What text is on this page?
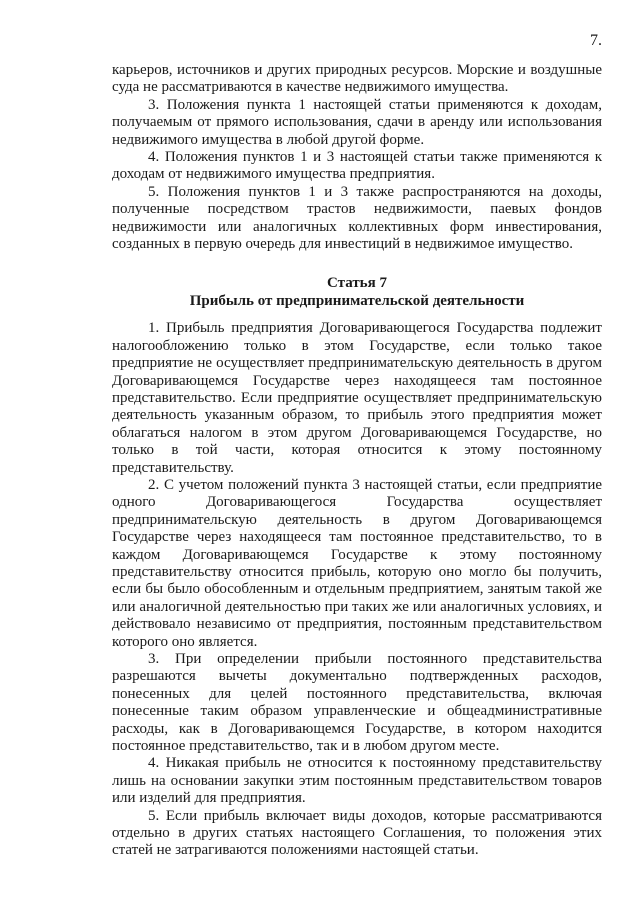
7.

карьеров, источников и других природных ресурсов. Морские и воздушные суда не рассматриваются в качестве недвижимого имущества.

3. Положения пункта 1 настоящей статьи применяются к доходам, получаемым от прямого использования, сдачи в аренду или использования недвижимого имущества в любой другой форме.

4. Положения пунктов 1 и 3 настоящей статьи также применяются к доходам от недвижимого имущества предприятия.

5. Положения пунктов 1 и 3 также распространяются на доходы, полученные посредством трастов недвижимости, паевых фондов недвижимости или аналогичных коллективных форм инвестирования, созданных в первую очередь для инвестиций в недвижимое имущество.

Статья 7
Прибыль от предпринимательской деятельности

1. Прибыль предприятия Договаривающегося Государства подлежит налогообложению только в этом Государстве, если только такое предприятие не осуществляет предпринимательскую деятельность в другом Договаривающемся Государстве через находящееся там постоянное представительство. Если предприятие осуществляет предпринимательскую деятельность указанным образом, то прибыль этого предприятия может облагаться налогом в этом другом Договаривающемся Государстве, но только в той части, которая относится к этому постоянному представительству.

2. С учетом положений пункта 3 настоящей статьи, если предприятие одного Договаривающегося Государства осуществляет предпринимательскую деятельность в другом Договаривающемся Государстве через находящееся там постоянное представительство, то в каждом Договаривающемся Государстве к этому постоянному представительству относится прибыль, которую оно могло бы получить, если бы было обособленным и отдельным предприятием, занятым такой же или аналогичной деятельностью при таких же или аналогичных условиях, и действовало независимо от предприятия, постоянным представительством которого оно является.

3. При определении прибыли постоянного представительства разрешаются вычеты документально подтвержденных расходов, понесенных для целей постоянного представительства, включая понесенные таким образом управленческие и общеадминистративные расходы, как в Договаривающемся Государстве, в котором находится постоянное представительство, так и в любом другом месте.

4. Никакая прибыль не относится к постоянному представительству лишь на основании закупки этим постоянным представительством товаров или изделий для предприятия.

5. Если прибыль включает виды доходов, которые рассматриваются отдельно в других статьях настоящего Соглашения, то положения этих статей не затрагиваются положениями настоящей статьи.
